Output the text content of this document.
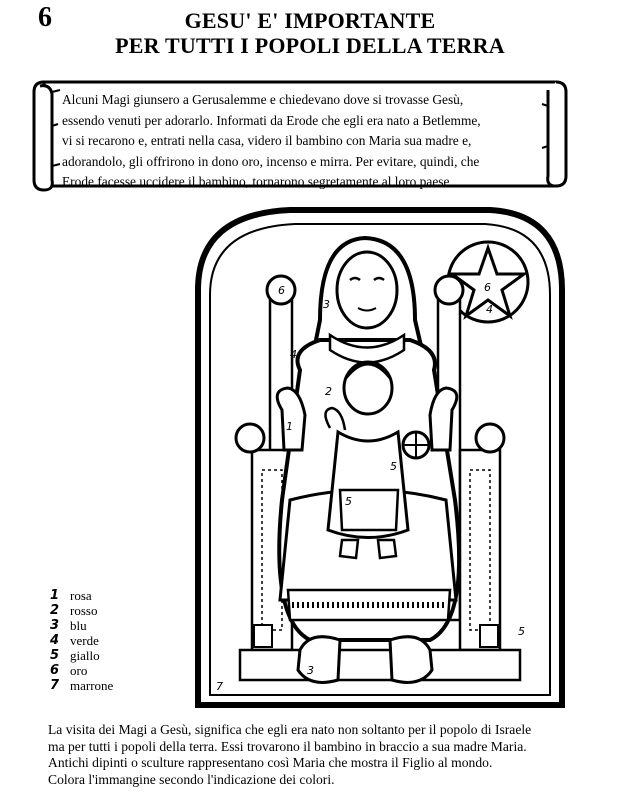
6	GESU' E' IMPORTANTE
PER TUTTI I POPOLI DELLA TERRA
Alcuni Magi giunsero a Gerusalemme e chiedevano dove si trovasse Gesù,
essendo venuti per adorarlo. Informati da Erode che egli era nato a Betlemme,
vi si recarono e, entrati nella casa, videro il bambino con Maria sua madre e,
adorandolo, gli offrirono in dono oro, incenso e mirra. Per evitare, quindi, che
Erode facesse uccidere il bambino, tornarono segretamente al loro paese.
3
6
4
6
2
4
5
5
1
5
7
3
1 rosa
2 rosso
3 blu
4 verde
5 giallo
6 oro
7 marrone
La visita dei Magi a Gesù, significa che egli era nato non soltanto per il popolo di Israele
ma per tutti i popoli della terra. Essi trovarono il bambino in braccio a sua madre Maria.
Antichi dipinti o sculture rappresentano così Maria che mostra il Figlio al mondo.
Colora l'immangine secondo l'indicazione dei colori.
